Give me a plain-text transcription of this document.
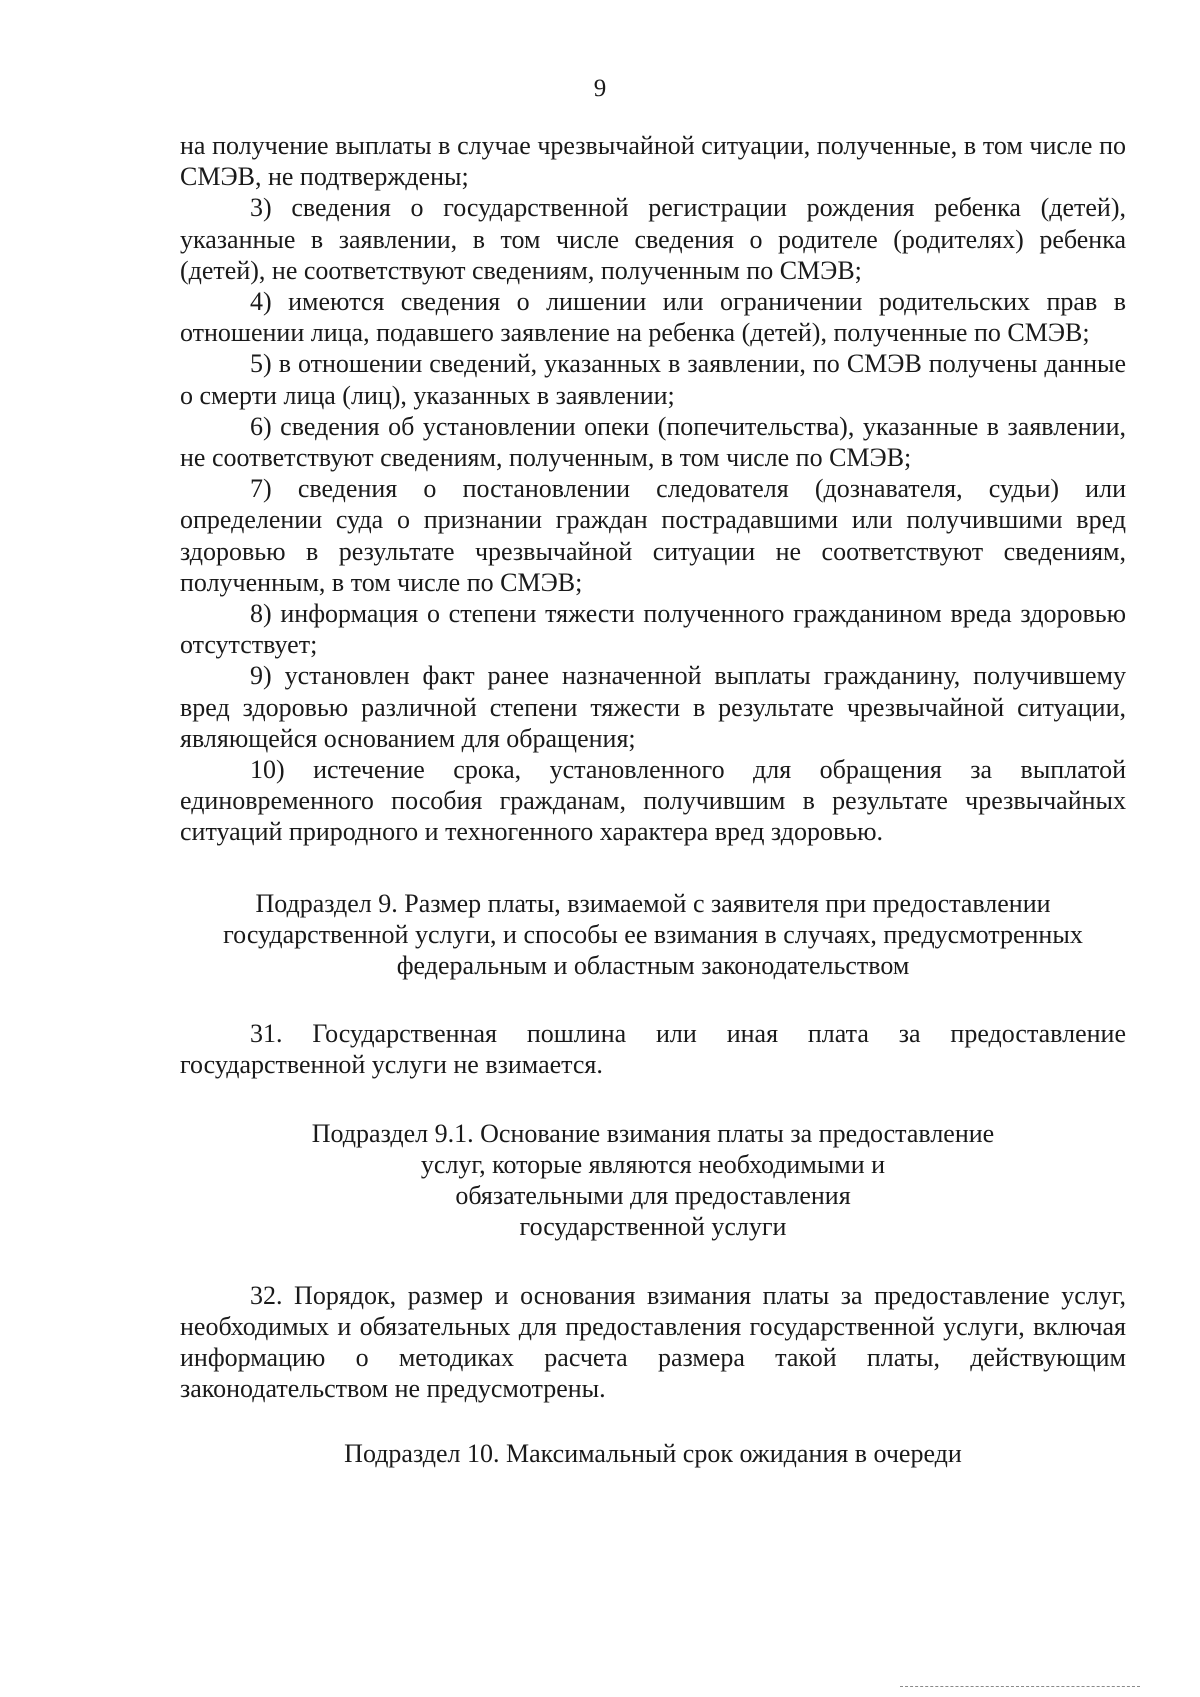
9

на получение выплаты в случае чрезвычайной ситуации, полученные, в том числе по СМЭВ, не подтверждены;

3) сведения о государственной регистрации рождения ребенка (детей), указанные в заявлении, в том числе сведения о родителе (родителях) ребенка (детей), не соответствуют сведениям, полученным по СМЭВ;

4) имеются сведения о лишении или ограничении родительских прав в отношении лица, подавшего заявление на ребенка (детей), полученные по СМЭВ;

5) в отношении сведений, указанных в заявлении, по СМЭВ получены данные о смерти лица (лиц), указанных в заявлении;

6) сведения об установлении опеки (попечительства), указанные в заявлении, не соответствуют сведениям, полученным, в том числе по СМЭВ;

7) сведения о постановлении следователя (дознавателя, судьи) или определении суда о признании граждан пострадавшими или получившими вред здоровью в результате чрезвычайной ситуации не соответствуют сведениям, полученным, в том числе по СМЭВ;

8) информация о степени тяжести полученного гражданином вреда здоровью отсутствует;

9) установлен факт ранее назначенной выплаты гражданину, получившему вред здоровью различной степени тяжести в результате чрезвычайной ситуации, являющейся основанием для обращения;

10) истечение срока, установленного для обращения за выплатой единовременного пособия гражданам, получившим в результате чрезвычайных ситуаций природного и техногенного характера вред здоровью.

Подраздел 9. Размер платы, взимаемой с заявителя при предоставлении

государственной услуги, и способы ее взимания в случаях, предусмотренных

федеральным и областным законодательством

31. Государственная пошлина или иная плата за предоставление государственной услуги не взимается.

Подраздел 9.1. Основание взимания платы за предоставление

услуг, которые являются необходимыми и

обязательными для предоставления

государственной услуги

32. Порядок, размер и основания взимания платы за предоставление услуг, необходимых и обязательных для предоставления государственной услуги, включая информацию о методиках расчета размера такой платы, действующим законодательством не предусмотрены.

Подраздел 10. Максимальный срок ожидания в очереди
